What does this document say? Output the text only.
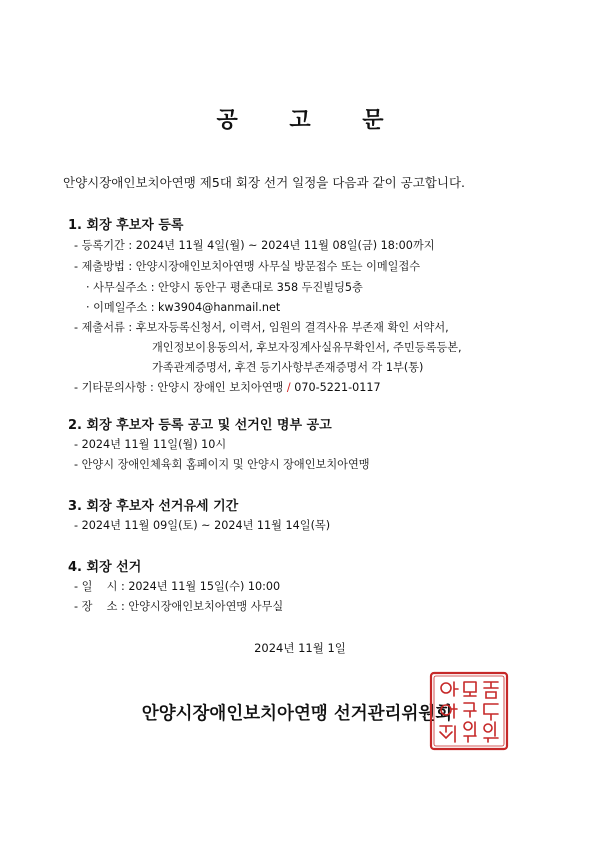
공 고 문
안양시장애인보치아연맹 제5대 회장 선거 일정을 다음과 같이 공고합니다.
1. 회장 후보자 등록
- 등록기간 : 2024년 11월 4일(월) ~ 2024년 11월 08일(금) 18:00까지
- 제출방법 : 안양시장애인보치아연맹 사무실 방문접수 또는 이메일접수
· 사무실주소 : 안양시 동안구 평촌대로 358 두진빌딩5층
· 이메일주소 : kw3904@hanmail.net
- 제출서류 : 후보자등록신청서, 이력서, 임원의 결격사유 부존재 확인 서약서,
개인정보이용동의서, 후보자징계사실유무확인서, 주민등록등본,
가족관계증명서, 후견 등기사항부존재증명서 각 1부(통)
- 기타문의사항 : 안양시 장애인 보치아연맹 / 070-5221-0117
2. 회장 후보자 등록 공고 및 선거인 명부 공고
- 2024년 11월 11일(월) 10시
- 안양시 장애인체육회 홈페이지 및 안양시 장애인보치아연맹
3. 회장 후보자 선거유세 기간
- 2024년 11월 09일(토) ~ 2024년 11월 14일(목)
4. 회장 선거
- 일    시 : 2024년 11월 15일(수) 10:00
- 장    소 : 안양시장애인보치아연맹 사무실
2024년 11월 1일
안양시장애인보치아연맹 선거관리위원회
